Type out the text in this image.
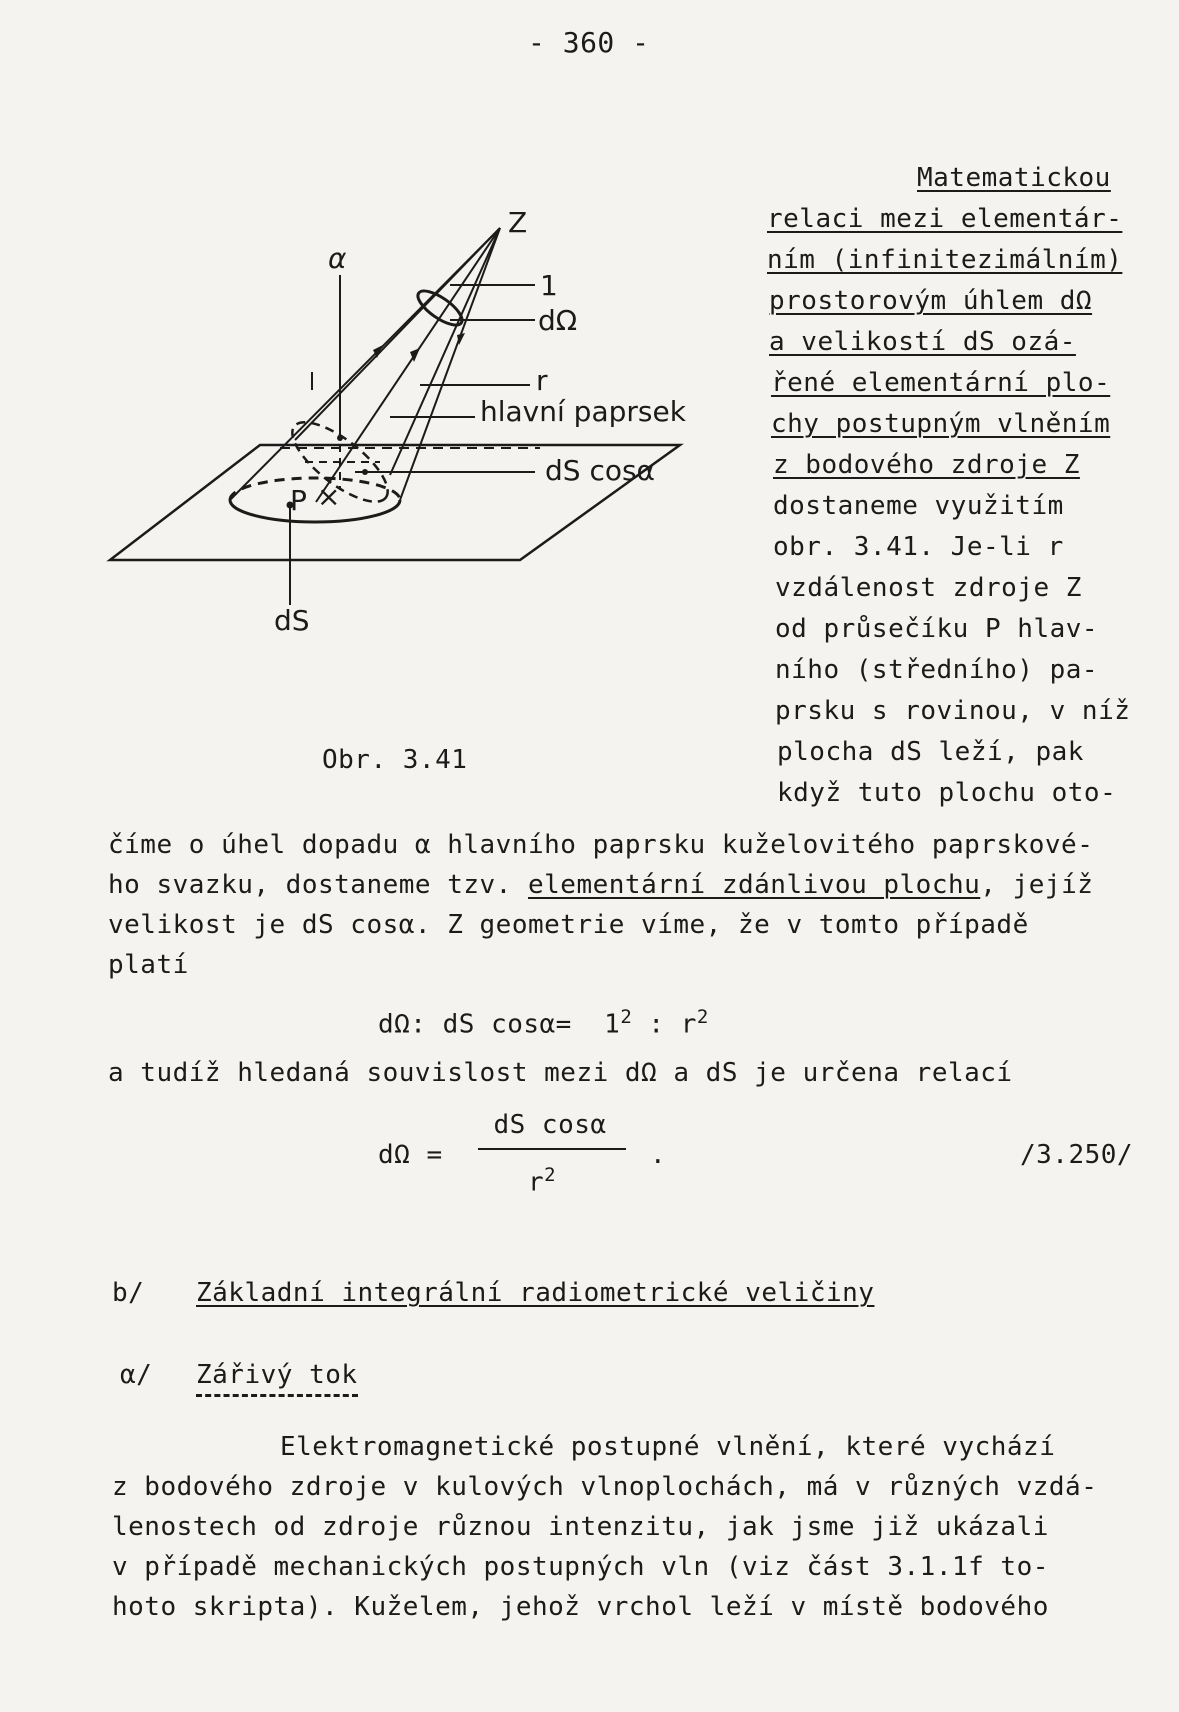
- 360 -
×
Z
α
1
dΩ
r
hlavní paprsek
dS cosα
P
dS
Obr. 3.41
Matematickou
relaci mezi elementár-
ním (infinitezimálním)
prostorovým úhlem dΩ
a velikostí dS ozá-
řené elementární plo-
chy postupným vlněním
z bodového zdroje Z
dostaneme využitím
obr. 3.41. Je-li r
vzdálenost zdroje Z
od průsečíku P hlav-
ního (středního) pa-
prsku s rovinou, v níž
plocha dS leží, pak
když tuto plochu oto-
číme o úhel dopadu α hlavního paprsku kuželovitého paprskové-
ho svazku, dostaneme tzv. elementární zdánlivou plochu, jejíž
velikost je dS cosα. Z geometrie víme, že v tomto případě
platí
dΩ: dS $\cos\alpha= 1^2$ : $r^2$
a tudíž hledaná souvislost mezi dΩ a dS je určena relací
dΩ =
dS cosα
$r^2$
.	/3.250/
b/ Základní integrální radiometrické veličiny
α/ Zářivý tok
Elektromagnetické postupné vlnění, které vychází
z bodového zdroje v kulových vlnoplochách, má v různých vzdá-
lenostech od zdroje různou intenzitu, jak jsme již ukázali
v případě mechanických postupných vln (viz část 3.1.1f to-
hoto skripta). Kuželem, jehož vrchol leží v místě bodového
